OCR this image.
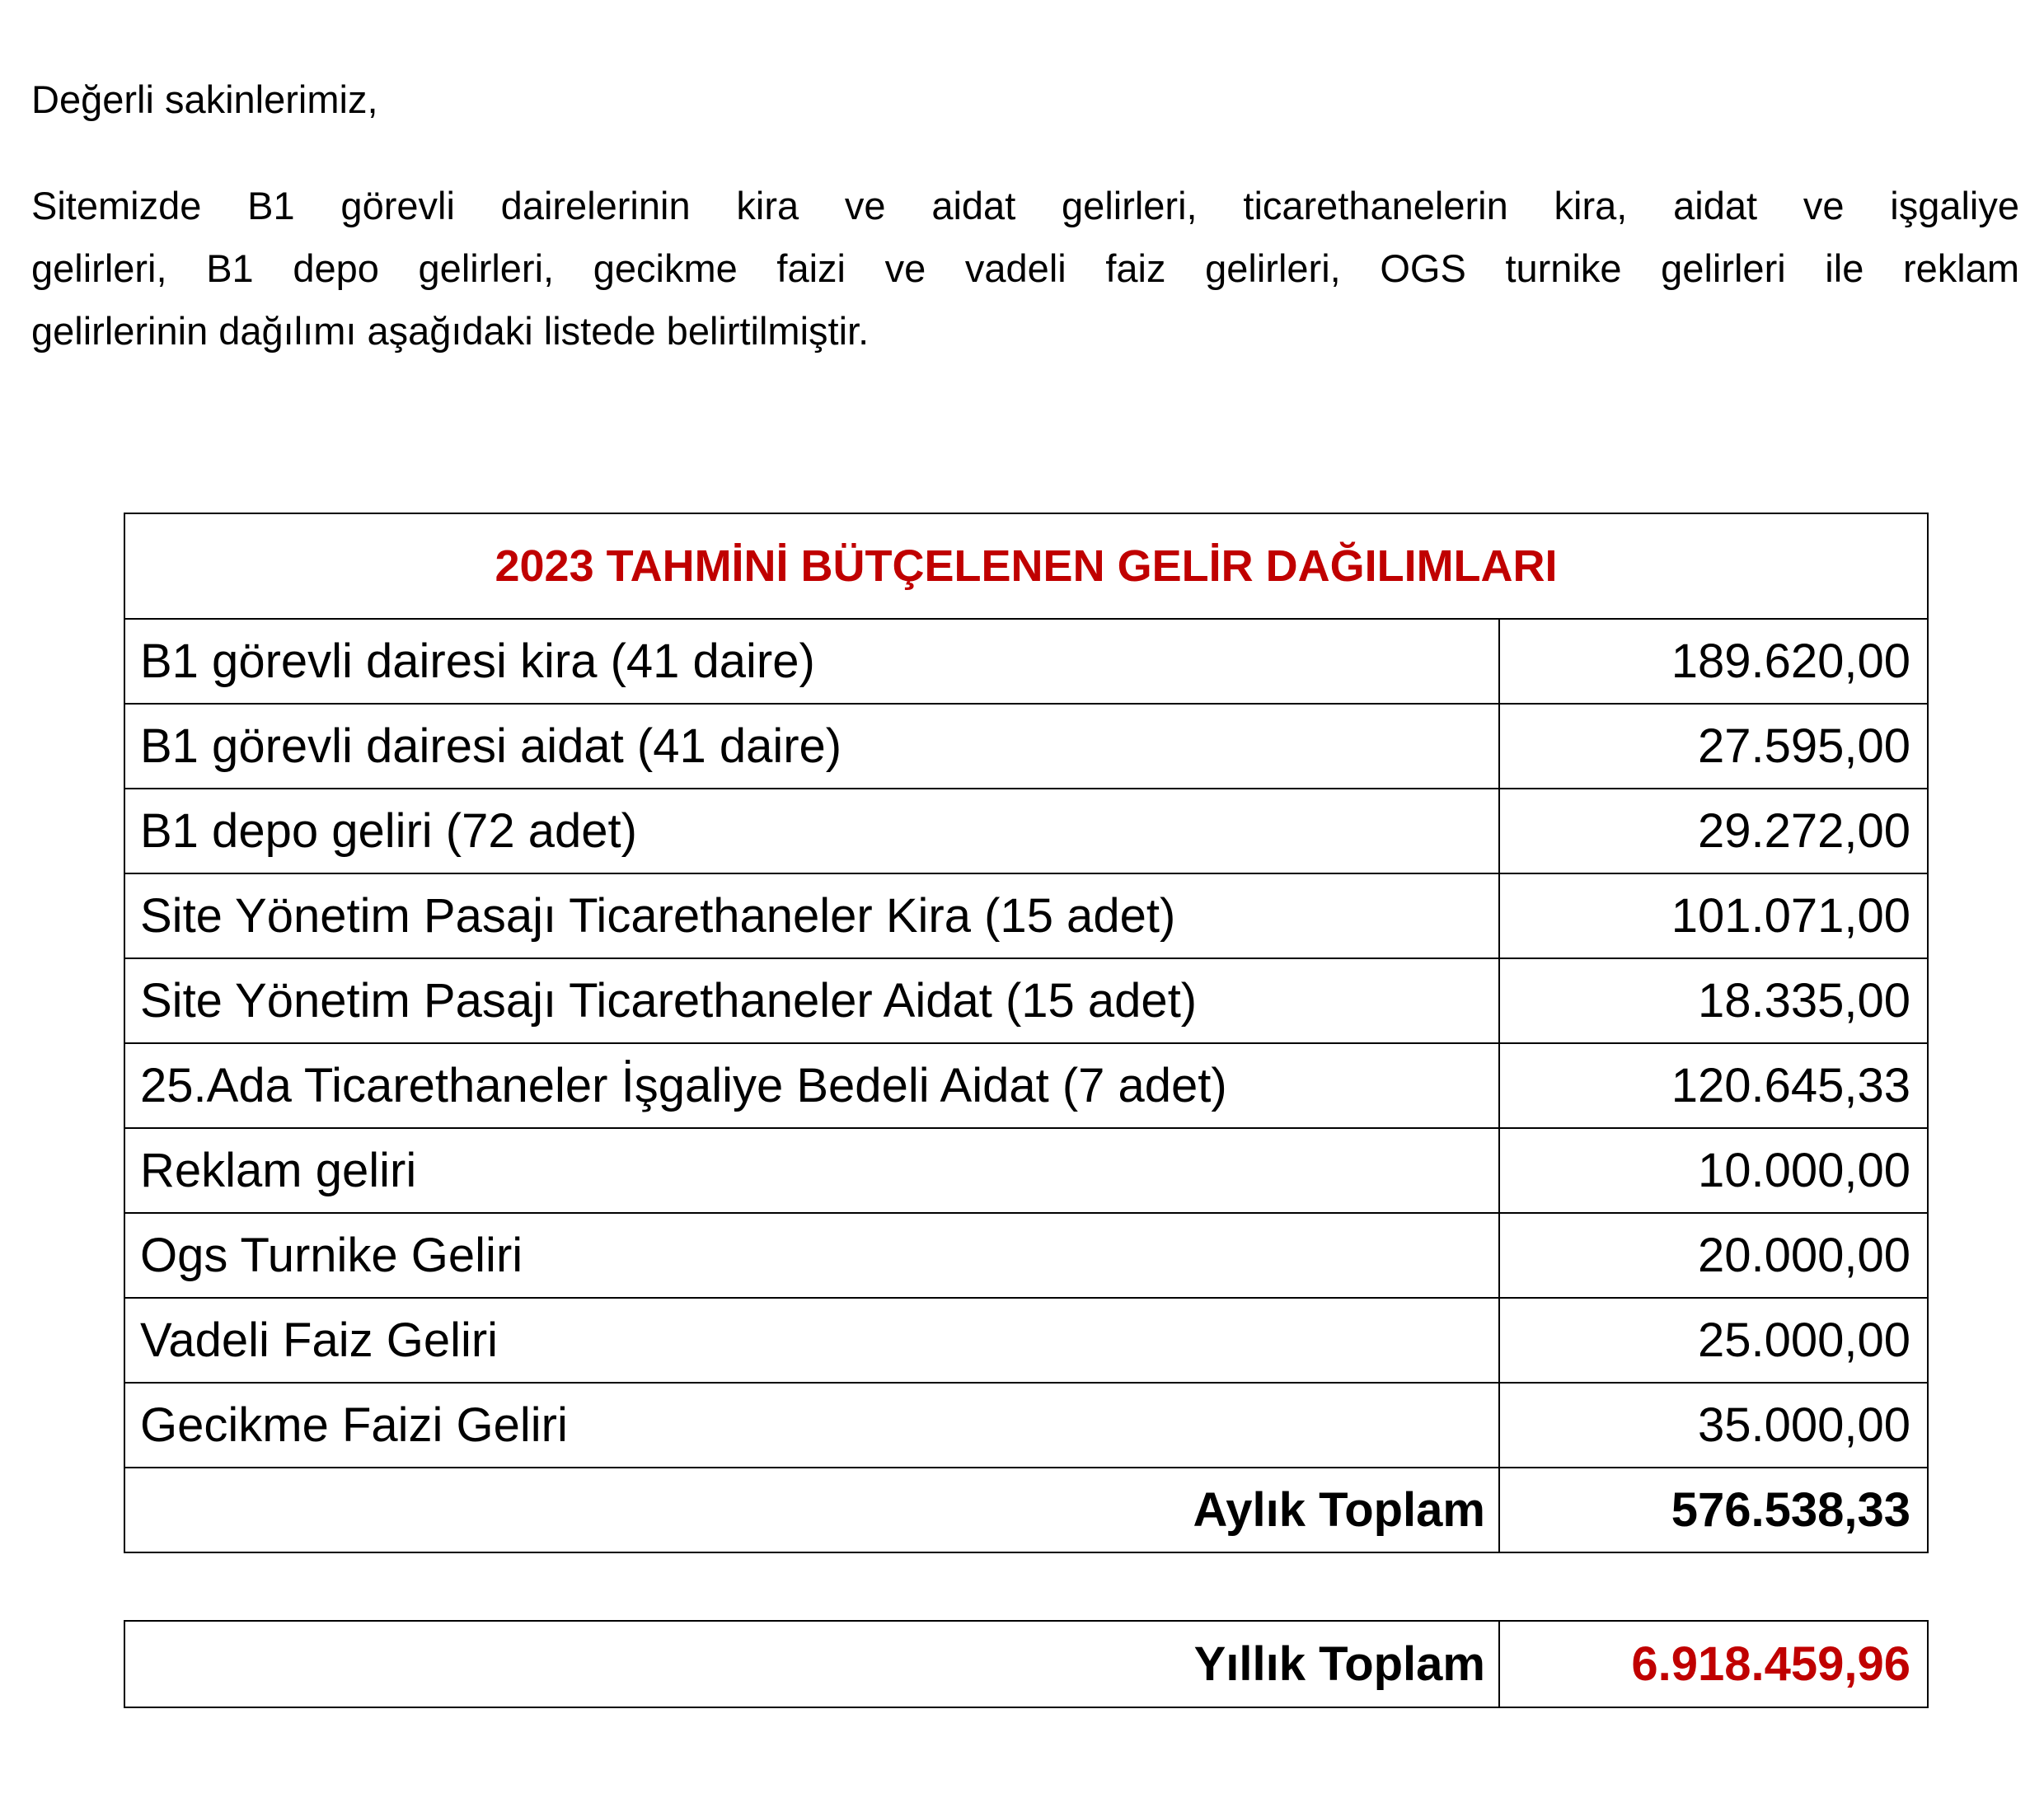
Değerli sakinlerimiz,
Sitemizde B1 görevli dairelerinin kira ve aidat gelirleri, ticarethanelerin kira, aidat ve işgaliye
gelirleri, B1 depo gelirleri, gecikme faizi ve vadeli faiz gelirleri, OGS turnike gelirleri ile reklam
gelirlerinin dağılımı aşağıdaki listede belirtilmiştir.
2023 TAHMİNİ BÜTÇELENEN GELİR DAĞILIMLARI	
B1 görevli dairesi kira (41 daire)	189.620,00
B1 görevli dairesi aidat (41 daire)	27.595,00
B1 depo geliri (72 adet)	29.272,00
Site Yönetim Pasajı Ticarethaneler Kira (15 adet)	101.071,00
Site Yönetim Pasajı Ticarethaneler Aidat (15 adet)	18.335,00
25.Ada Ticarethaneler İşgaliye Bedeli Aidat (7 adet)	120.645,33
Reklam geliri	10.000,00
Ogs Turnike Geliri	20.000,00
Vadeli Faiz Geliri	25.000,00
Gecikme Faizi Geliri	35.000,00
Aylık Toplam	576.538,33
Yıllık Toplam	6.918.459,96
